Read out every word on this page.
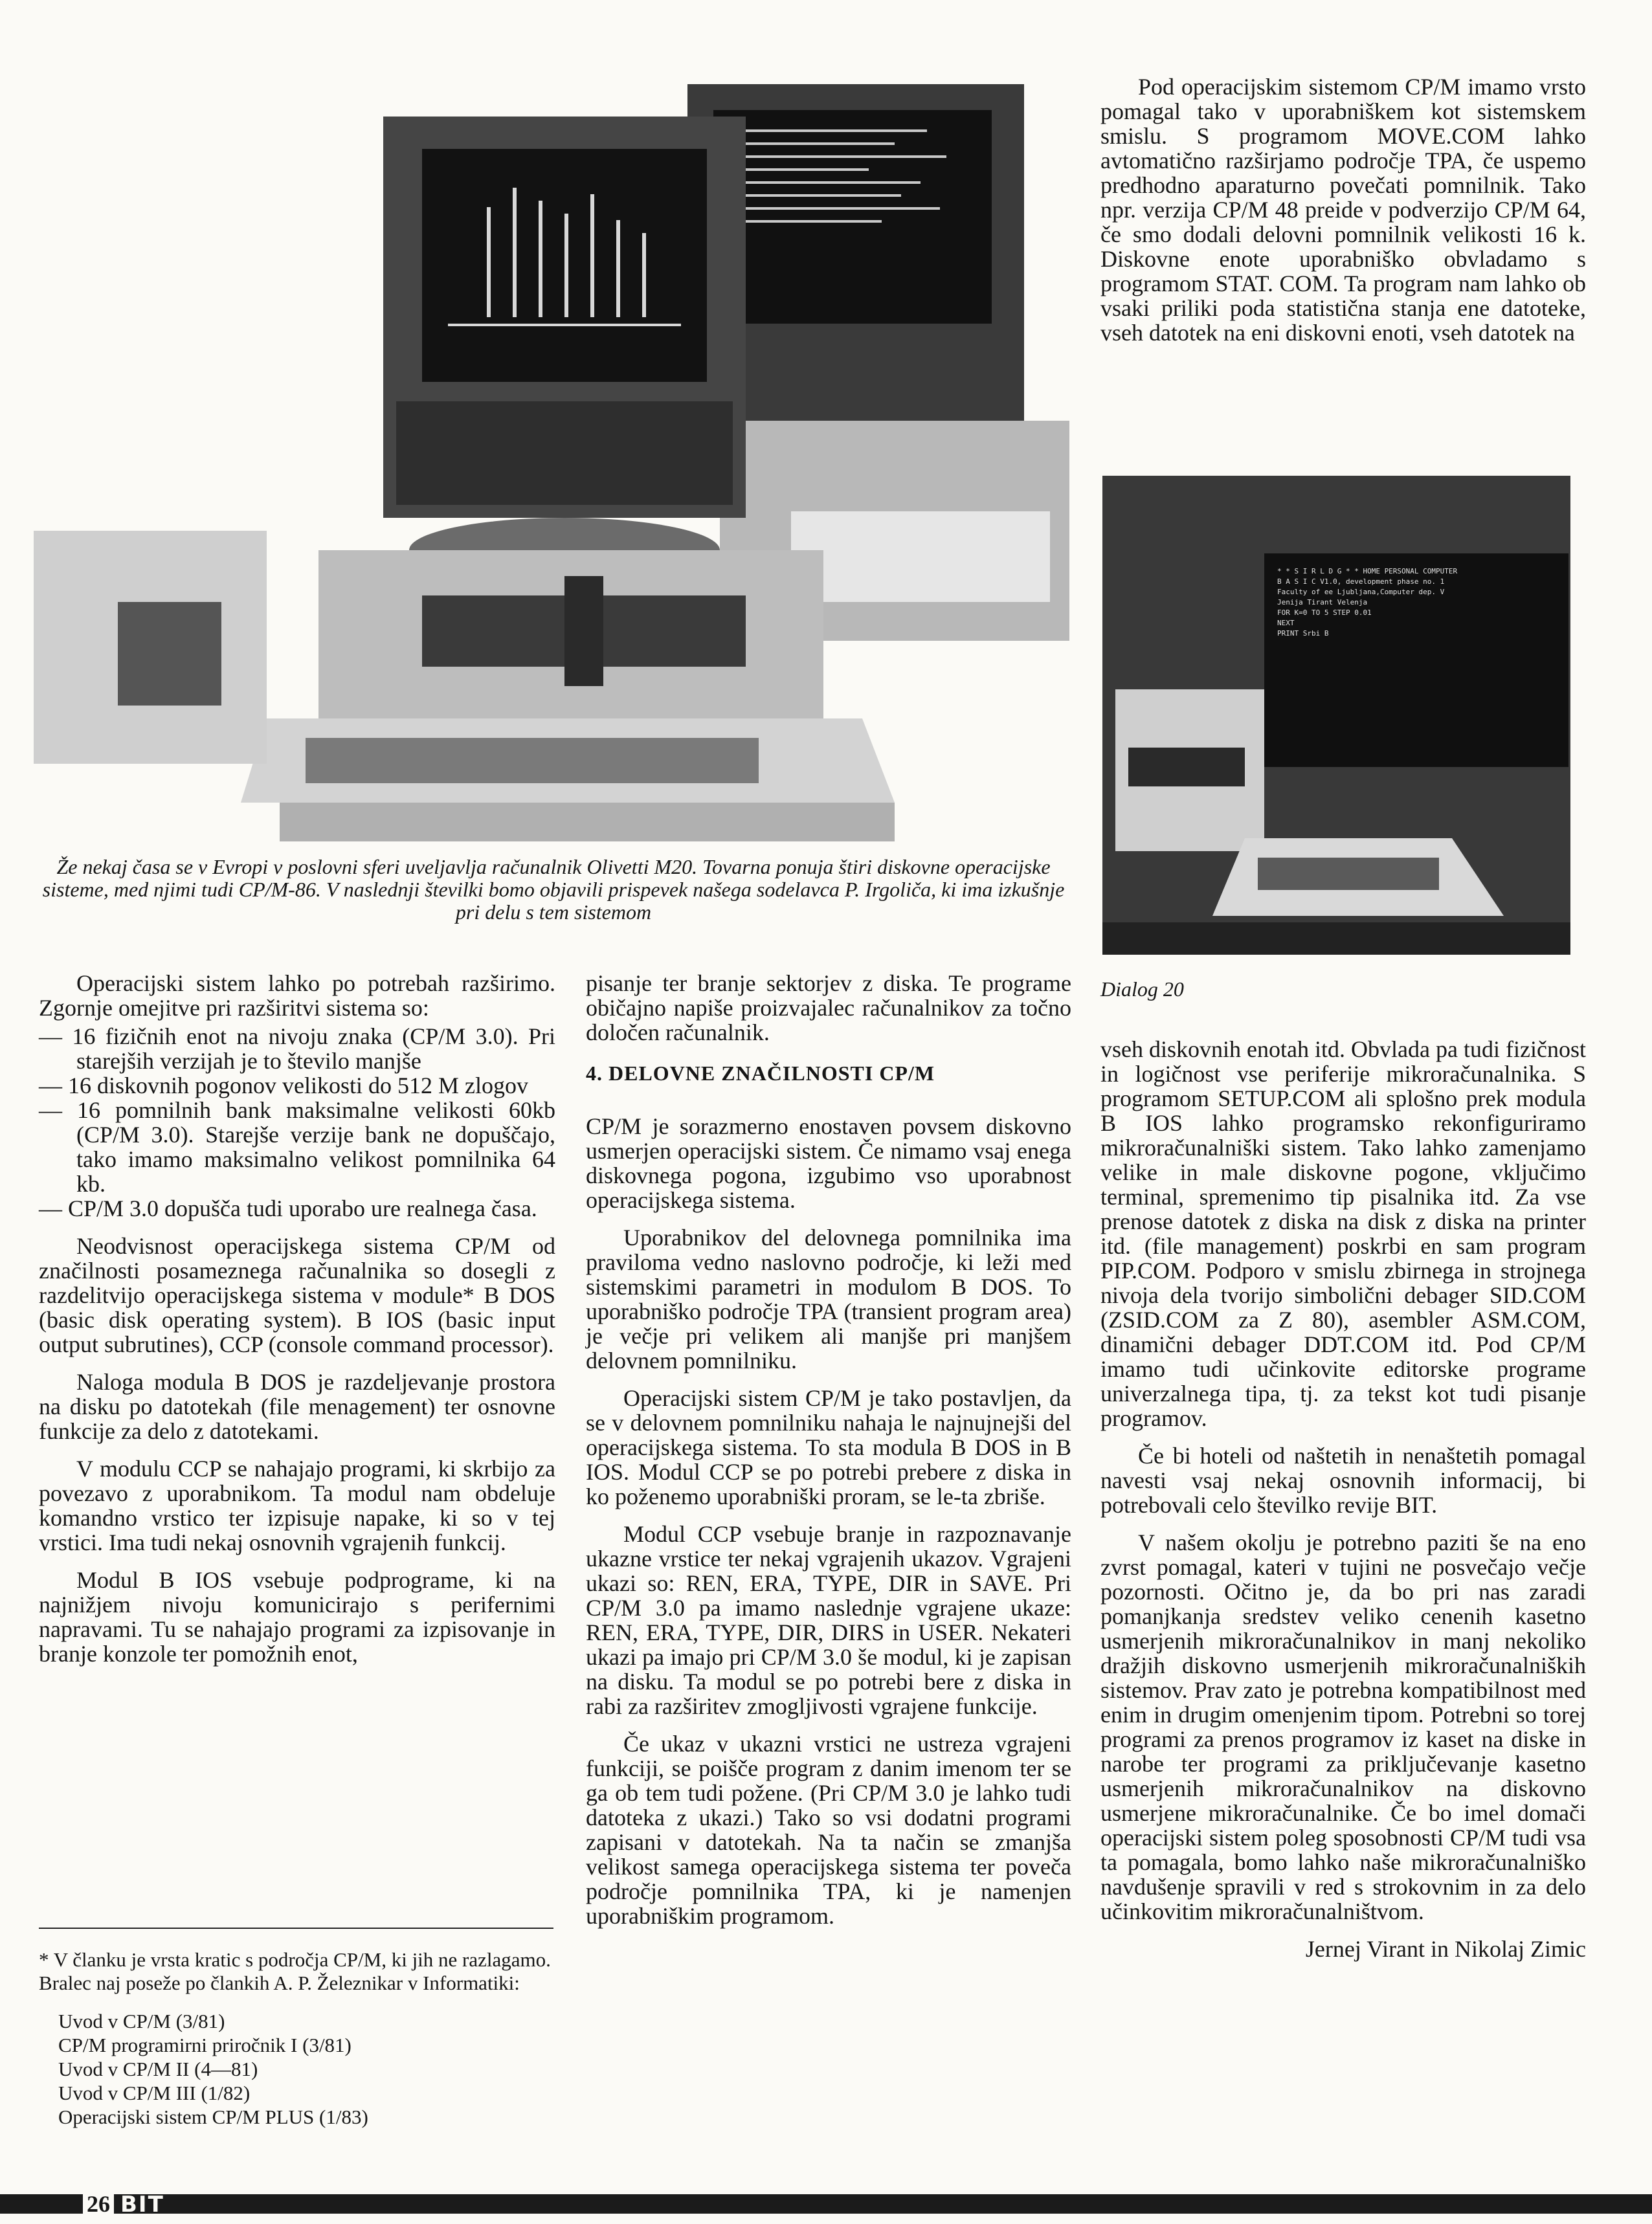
Že nekaj časa se v Evropi v poslovni sferi uveljavlja računalnik Olivetti M20. Tovarna ponuja štiri diskovne operacijske sisteme, med njimi tudi CP/M-86. V naslednji številki bomo objavili prispevek našega sodelavca P. Irgoliča, ki ima izkušnje pri delu s tem sistemom
* * S I R L D G * * HOME PERSONAL COMPUTER
B A S I C V1.0, development phase no. 1
Faculty of ee Ljubljana,Computer dep. V
Jenija Tirant Velenja
FOR K=0 TO 5 STEP 0.01
NEXT
PRINT Srbi B
Dialog 20

Pod operacijskim sistemom CP/M imamo vrsto pomagal tako v uporabniškem kot sistemskem smislu. S programom MOVE.COM lahko avtomatično razširjamo področje TPA, če uspemo predhodno aparaturno povečati pomnilnik. Tako npr. verzija CP/M 48 preide v podverzijo CP/M 64, če smo dodali delovni pomnilnik velikosti 16 k. Diskovne enote uporabniško obvladamo s programom STAT. COM. Ta program nam lahko ob vsaki priliki poda statistična stanja ene datoteke, vseh datotek na eni diskovni enoti, vseh datotek na

Operacijski sistem lahko po potrebah razširimo. Zgornje omejitve pri razširitvi sistema so:

— 16 fizičnih enot na nivoju znaka (CP/M 3.0). Pri starejših verzijah je to število manjše
— 16 diskovnih pogonov velikosti do 512 M zlogov
— 16 pomnilnih bank maksimalne velikosti 60kb (CP/M 3.0). Starejše verzije bank ne dopuščajo, tako imamo maksimalno velikost pomnilnika 64 kb.
— CP/M 3.0 dopušča tudi uporabo ure realnega časa.

Neodvisnost operacijskega sistema CP/M od značilnosti posameznega računalnika so dosegli z razdelitvijo operacijskega sistema v module* B DOS (basic disk operating system). B IOS (basic input output subrutines), CCP (console command processor).

Naloga modula B DOS je razdeljevanje prostora na disku po datotekah (file menagement) ter osnovne funkcije za delo z datotekami.

V modulu CCP se nahajajo programi, ki skrbijo za povezavo z uporabnikom. Ta modul nam obdeluje komandno vrstico ter izpisuje napake, ki so v tej vrstici. Ima tudi nekaj osnovnih vgrajenih funkcij.

Modul B IOS vsebuje podprograme, ki na najnižjem nivoju komunicirajo s perifernimi napravami. Tu se nahajajo programi za izpisovanje in branje konzole ter pomožnih enot,

* V članku je vrsta kratic s področja CP/M, ki jih ne razlagamo. Bralec naj poseže po člankih A. P. Železnikar v Informatiki:
Uvod v CP/M (3/81)
CP/M programirni priročnik I (3/81)
Uvod v CP/M II (4—81)
Uvod v CP/M III (1/82)
Operacijski sistem CP/M PLUS (1/83)

pisanje ter branje sektorjev z diska. Te programe običajno napiše proizvajalec računalnikov za točno določen računalnik.

4. DELOVNE ZNAČILNOSTI CP/M

CP/M je sorazmerno enostaven povsem diskovno usmerjen operacijski sistem. Če nimamo vsaj enega diskovnega pogona, izgubimo vso uporabnost operacijskega sistema.

Uporabnikov del delovnega pomnilnika ima praviloma vedno naslovno področje, ki leži med sistemskimi parametri in modulom B DOS. To uporabniško področje TPA (transient program area) je večje pri velikem ali manjše pri manjšem delovnem pomnilniku.

Operacijski sistem CP/M je tako postavljen, da se v delovnem pomnilniku nahaja le najnujnejši del operacijskega sistema. To sta modula B DOS in B IOS. Modul CCP se po potrebi prebere z diska in ko poženemo uporabniški proram, se le-ta zbriše.

Modul CCP vsebuje branje in razpoznavanje ukazne vrstice ter nekaj vgrajenih ukazov. Vgrajeni ukazi so: REN, ERA, TYPE, DIR in SAVE. Pri CP/M 3.0 pa imamo naslednje vgrajene ukaze: REN, ERA, TYPE, DIR, DIRS in USER. Nekateri ukazi pa imajo pri CP/M 3.0 še modul, ki je zapisan na disku. Ta modul se po potrebi bere z diska in rabi za razširitev zmogljivosti vgrajene funkcije.

Če ukaz v ukazni vrstici ne ustreza vgrajeni funkciji, se poišče program z danim imenom ter se ga ob tem tudi požene. (Pri CP/M 3.0 je lahko tudi datoteka z ukazi.) Tako so vsi dodatni programi zapisani v datotekah. Na ta način se zmanjša velikost samega operacijskega sistema ter poveča področje pomnilnika TPA, ki je namenjen uporabniškim programom.

vseh diskovnih enotah itd. Obvlada pa tudi fizičnost in logičnost vse periferije mikroračunalnika. S programom SETUP.COM ali splošno prek modula B IOS lahko programsko rekonfiguriramo mikroračunalniški sistem. Tako lahko zamenjamo velike in male diskovne pogone, vključimo terminal, spremenimo tip pisalnika itd. Za vse prenose datotek z diska na disk z diska na printer itd. (file management) poskrbi en sam program PIP.COM. Podporo v smislu zbirnega in strojnega nivoja dela tvorijo simbolični debager SID.COM (ZSID.COM za Z 80), asembler ASM.COM, dinamični debager DDT.COM itd. Pod CP/M imamo tudi učinkovite editorske programe univerzalnega tipa, tj. za tekst kot tudi pisanje programov.

Če bi hoteli od naštetih in nenaštetih pomagal navesti vsaj nekaj osnovnih informacij, bi potrebovali celo številko revije BIT.

V našem okolju je potrebno paziti še na eno zvrst pomagal, kateri v tujini ne posvečajo večje pozornosti. Očitno je, da bo pri nas zaradi pomanjkanja sredstev veliko cenenih kasetno usmerjenih mikroračunalnikov in manj nekoliko dražjih diskovno usmerjenih mikroračunalniških sistemov. Prav zato je potrebna kompatibilnost med enim in drugim omenjenim tipom. Potrebni so torej programi za prenos programov iz kaset na diske in narobe ter programi za priključevanje kasetno usmerjenih mikroračunalnikov na diskovno usmerjene mikroračunalnike. Če bo imel domači operacijski sistem poleg sposobnosti CP/M tudi vsa ta pomagala, bomo lahko naše mikroračunalniško navdušenje spravili v red s strokovnim in za delo učinkovitim mikroračunalništvom.

Jernej Virant in Nikolaj Zimic
26 BIT
